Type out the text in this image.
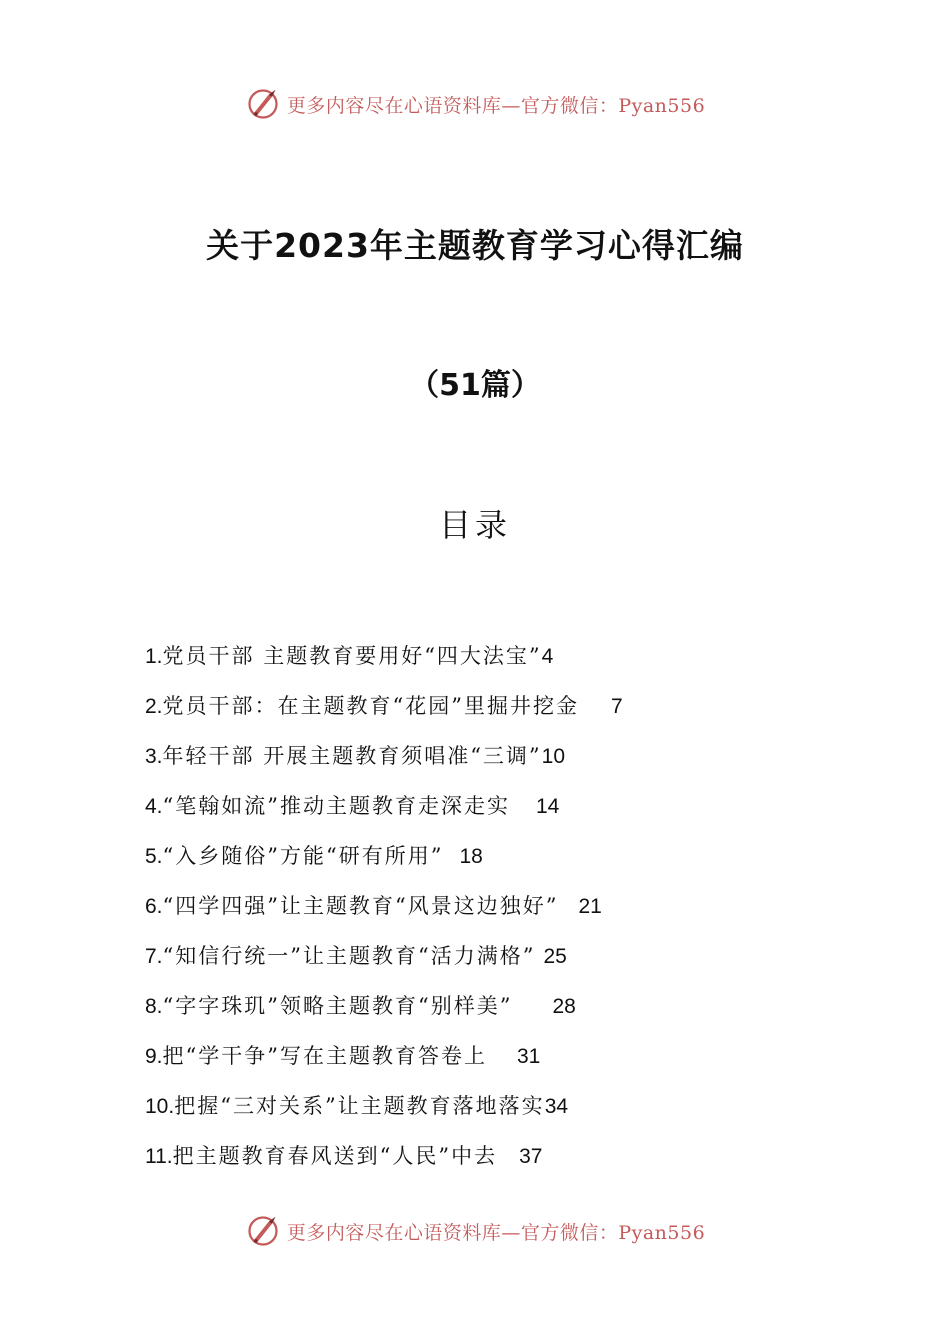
更多内容尽在心语资料库—官方微信：Pyan556
关于2023年主题教育学习心得汇编
（51篇）
目录
1. 党员干部 主题教育要用好“四大法宝” 4
2. 党员干部：在主题教育“花园”里掘井挖金 7
3. 年轻干部 开展主题教育须唱准“三调” 10
4. “笔翰如流”推动主题教育走深走实 14
5. “入乡随俗”方能“研有所用” 18
6. “四学四强”让主题教育“风景这边独好” 21
7. “知信行统一”让主题教育“活力满格” 25
8. “字字珠玑”领略主题教育“别样美” 28
9. 把“学干争”写在主题教育答卷上 31
10. 把握“三对关系”让主题教育落地落实 34
11. 把主题教育春风送到“人民”中去 37
更多内容尽在心语资料库—官方微信：Pyan556
